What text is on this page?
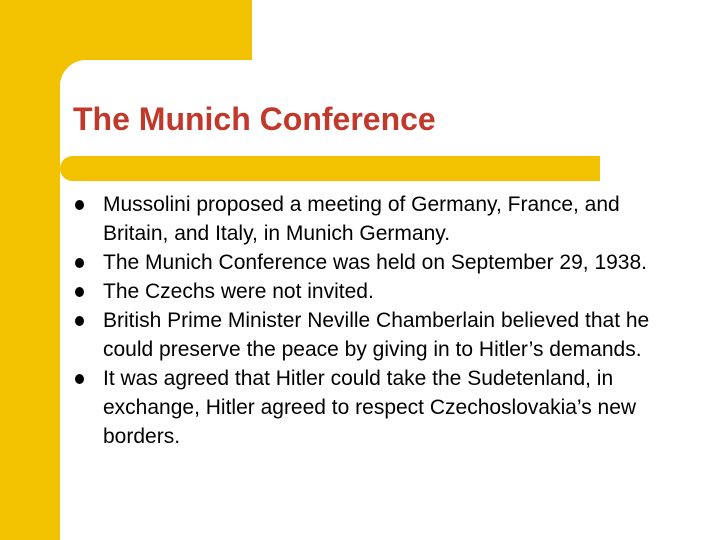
The Munich Conference
Mussolini proposed a meeting of Germany, France, and Britain, and Italy, in Munich Germany.
The Munich Conference was held on September 29, 1938.
The Czechs were not invited.
British Prime Minister Neville Chamberlain believed that he could preserve the peace by giving in to Hitler’s demands.
It was agreed that Hitler could take the Sudetenland, in exchange, Hitler agreed to respect Czechoslovakia’s new borders.
